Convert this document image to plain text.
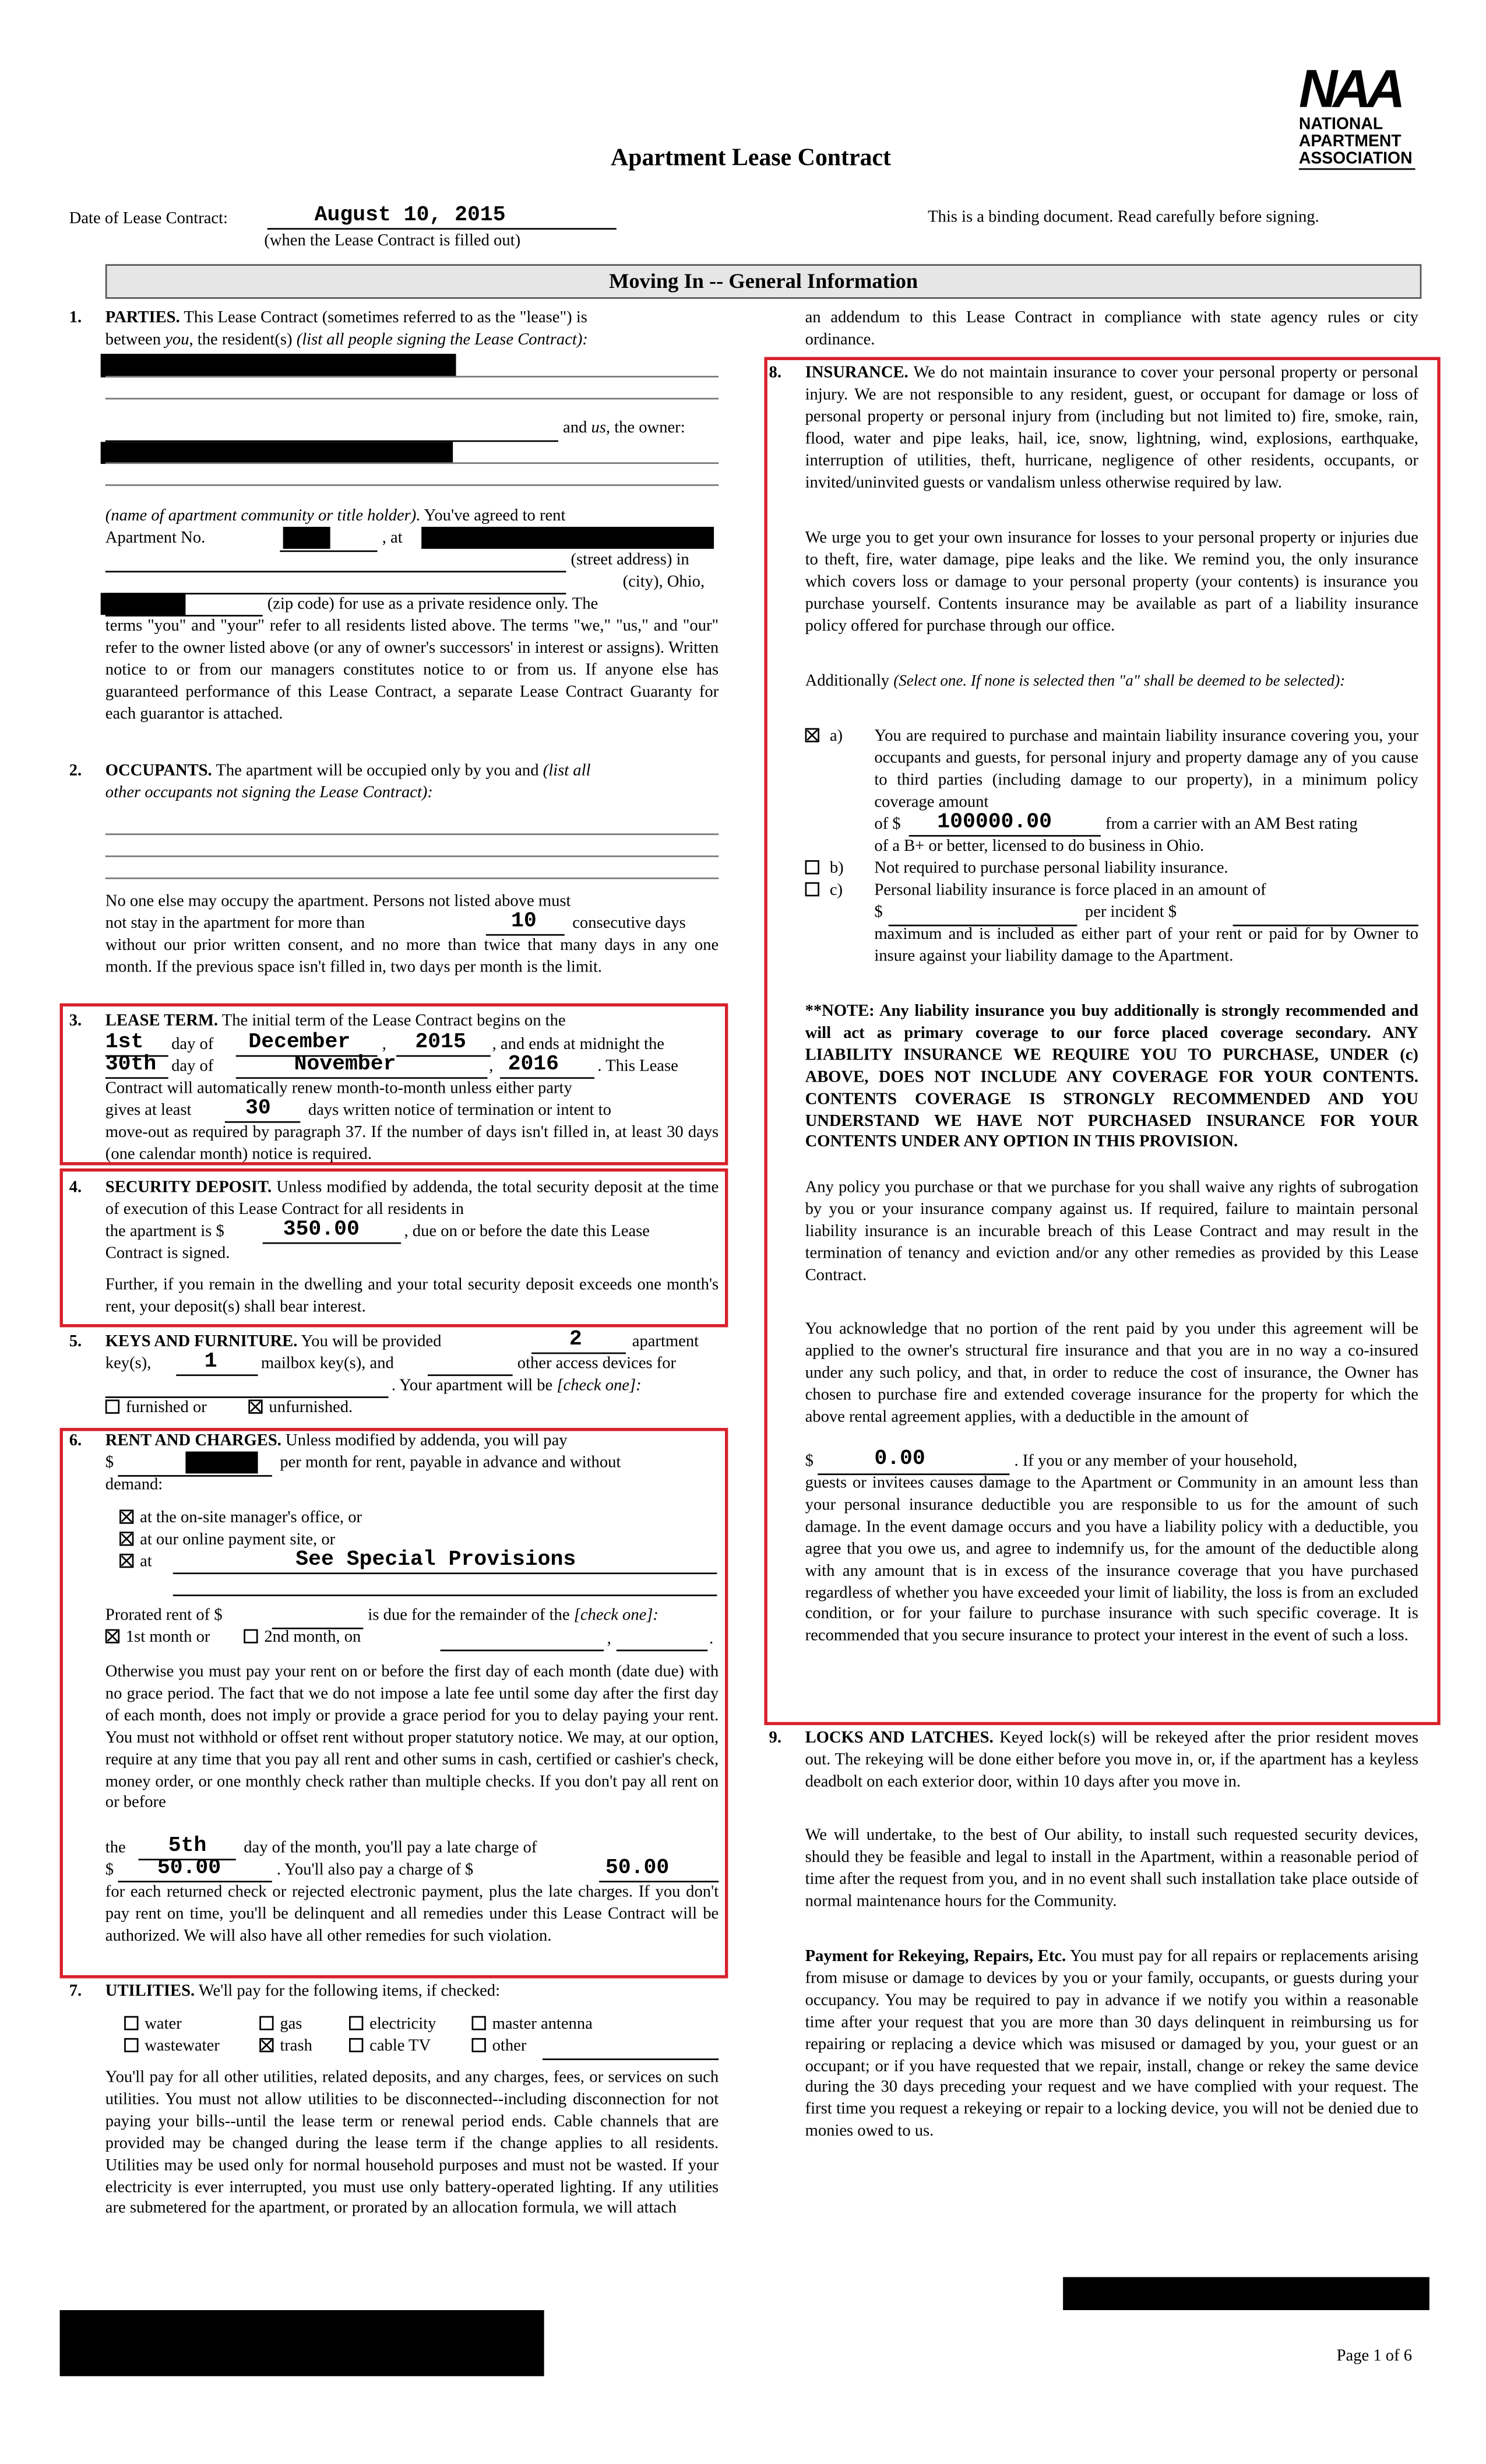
NAA
NATIONAL
APARTMENT
ASSOCIATION
Apartment Lease Contract
Date of Lease Contract:	August 10, 2015
(when the Lease Contract is filled out)
This is a binding document. Read carefully before signing.
Moving In -- General Information
1.	PARTIES. This Lease Contract (sometimes referred to as the "lease") is
between you, the resident(s) (list all people signing the Lease Contract):
and us, the owner:
(name of apartment community or title holder). You've agreed to rent
Apartment No.	, at
(street address) in
(city), Ohio,
(zip code) for use as a private residence only. The
terms "you" and "your" refer to all residents listed above. The terms "we," "us," and "our" refer to the owner listed above (or any of owner's successors' in interest or assigns). Written notice to or from our managers constitutes notice to or from us. If anyone else has guaranteed performance of this Lease Contract, a separate Lease Contract Guaranty for each guarantor is attached.
2.	OCCUPANTS. The apartment will be occupied only by you and (list all
other occupants not signing the Lease Contract):
No one else may occupy the apartment. Persons not listed above must
not stay in the apartment for more than	10	consecutive days
without our prior written consent, and no more than twice that many days in any one month. If the previous space isn't filled in, two days per month is the limit.
3.	LEASE TERM. The initial term of the Lease Contract begins on the
1st	day of	December	,	2015	, and ends at midnight the
30th day of	November	, 2016	. This Lease
Contract will automatically renew month-to-month unless either party
gives at least	30	days written notice of termination or intent to
move-out as required by paragraph 37. If the number of days isn't filled in, at least 30 days (one calendar month) notice is required.
4.	SECURITY DEPOSIT. Unless modified by addenda, the total security deposit at the time of execution of this Lease Contract for all residents in
the apartment is $	350.00	, due on or before the date this Lease
Contract is signed.
Further, if you remain in the dwelling and your total security deposit exceeds one month's rent, your deposit(s) shall bear interest.
5.	KEYS AND FURNITURE. You will be provided	2	apartment
key(s),	1	mailbox key(s), and	other access devices for
. Your apartment will be [check one]:
furnished or	unfurnished.
6.	RENT AND CHARGES. Unless modified by addenda, you will pay
$	per month for rent, payable in advance and without
demand:
at the on-site manager's office, or
at our online payment site, or
at	See Special Provisions
Prorated rent of $	is due for the remainder of the [check one]:
1st month or	2nd month, on	,	.
Otherwise you must pay your rent on or before the first day of each month (date due) with no grace period. The fact that we do not impose a late fee until some day after the first day of each month, does not imply or provide a grace period for you to delay paying your rent. You must not withhold or offset rent without proper statutory notice. We may, at our option, require at any time that you pay all rent and other sums in cash, certified or cashier's check, money order, or one monthly check rather than multiple checks. If you don't pay all rent on or before
the	5th	day of the month, you'll pay a late charge of
$	50.00	. You'll also pay a charge of $	50.00
for each returned check or rejected electronic payment, plus the late charges. If you don't pay rent on time, you'll be delinquent and all remedies under this Lease Contract will be authorized. We will also have all other remedies for such violation.
7.	UTILITIES. We'll pay for the following items, if checked:
water	gas	electricity	master antenna
wastewater	trash	cable TV	other
You'll pay for all other utilities, related deposits, and any charges, fees, or services on such utilities. You must not allow utilities to be disconnected--including disconnection for not paying your bills--until the lease term or renewal period ends. Cable channels that are provided may be changed during the lease term if the change applies to all residents. Utilities may be used only for normal household purposes and must not be wasted. If your electricity is ever interrupted, you must use only battery-operated lighting. If any utilities are submetered for the apartment, or prorated by an allocation formula, we will attach
an addendum to this Lease Contract in compliance with state agency rules or city ordinance.
8.	INSURANCE. We do not maintain insurance to cover your personal property or personal injury. We are not responsible to any resident, guest, or occupant for damage or loss of personal property or personal injury from (including but not limited to) fire, smoke, rain, flood, water and pipe leaks, hail, ice, snow, lightning, wind, explosions, earthquake, interruption of utilities, theft, hurricane, negligence of other residents, occupants, or invited/uninvited guests or vandalism unless otherwise required by law.
We urge you to get your own insurance for losses to your personal property or injuries due to theft, fire, water damage, pipe leaks and the like. We remind you, the only insurance which covers loss or damage to your personal property (your contents) is insurance you purchase yourself. Contents insurance may be available as part of a liability insurance policy offered for purchase through our office.
Additionally (Select one. If none is selected then "a" shall be deemed to be selected):
a)	You are required to purchase and maintain liability insurance covering you, your occupants and guests, for personal injury and property damage any of you cause to third parties (including damage to our property), in a minimum policy coverage amount
of $	100000.00	from a carrier with an AM Best rating
of a B+ or better, licensed to do business in Ohio.
b)	Not required to purchase personal liability insurance.
c)	Personal liability insurance is force placed in an amount of
$	per incident $
maximum and is included as either part of your rent or paid for by Owner to insure against your liability damage to the Apartment.
**NOTE: Any liability insurance you buy additionally is strongly recommended and will act as primary coverage to our force placed coverage secondary. ANY LIABILITY INSURANCE WE REQUIRE YOU TO PURCHASE, UNDER (c) ABOVE, DOES NOT INCLUDE ANY COVERAGE FOR YOUR CONTENTS. CONTENTS COVERAGE IS STRONGLY RECOMMENDED AND YOU UNDERSTAND WE HAVE NOT PURCHASED INSURANCE FOR YOUR CONTENTS UNDER ANY OPTION IN THIS PROVISION.
Any policy you purchase or that we purchase for you shall waive any rights of subrogation by you or your insurance company against us. If required, failure to maintain personal liability insurance is an incurable breach of this Lease Contract and may result in the termination of tenancy and eviction and/or any other remedies as provided by this Lease Contract.
You acknowledge that no portion of the rent paid by you under this agreement will be applied to the owner's structural fire insurance and that you are in no way a co-insured under any such policy, and that, in order to reduce the cost of insurance, the Owner has chosen to purchase fire and extended coverage insurance for the property for which the above rental agreement applies, with a deductible in the amount of
$	0.00	. If you or any member of your household,
guests or invitees causes damage to the Apartment or Community in an amount less than your personal insurance deductible you are responsible to us for the amount of such damage. In the event damage occurs and you have a liability policy with a deductible, you agree that you owe us, and agree to indemnify us, for the amount of the deductible along with any amount that is in excess of the insurance coverage that you have purchased regardless of whether you have exceeded your limit of liability, the loss is from an excluded condition, or for your failure to purchase insurance with such specific coverage. It is recommended that you secure insurance to protect your interest in the event of such a loss.
9.	LOCKS AND LATCHES. Keyed lock(s) will be rekeyed after the prior resident moves out. The rekeying will be done either before you move in, or, if the apartment has a keyless deadbolt on each exterior door, within 10 days after you move in.
We will undertake, to the best of Our ability, to install such requested security devices, should they be feasible and legal to install in the Apartment, within a reasonable period of time after the request from you, and in no event shall such installation take place outside of normal maintenance hours for the Community.
Payment for Rekeying, Repairs, Etc. You must pay for all repairs or replacements arising from misuse or damage to devices by you or your family, occupants, or guests during your occupancy. You may be required to pay in advance if we notify you within a reasonable time after your request that you are more than 30 days delinquent in reimbursing us for repairing or replacing a device which was misused or damaged by you, your guest or an occupant; or if you have requested that we repair, install, change or rekey the same device during the 30 days preceding your request and we have complied with your request. The first time you request a rekeying or repair to a locking device, you will not be denied due to monies owed to us.
Page 1 of 6
